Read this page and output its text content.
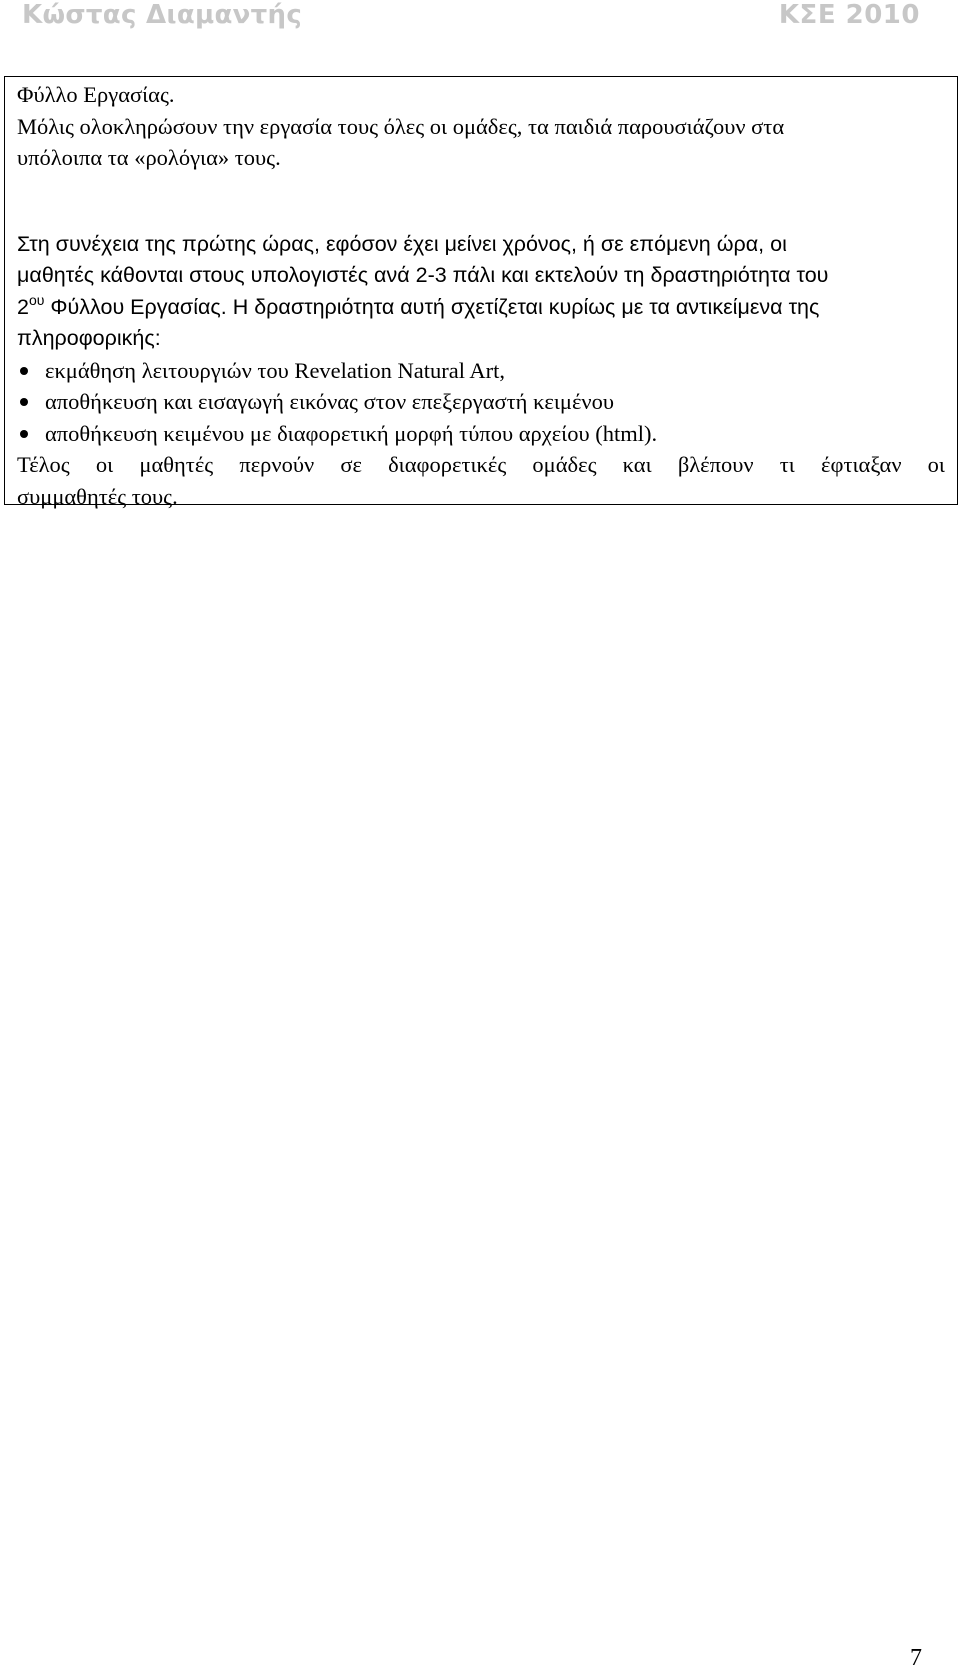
Κώστας Διαμαντής	ΚΣΕ 2010
Φύλλο Εργασίας.
Μόλις ολοκληρώσουν την εργασία τους όλες οι ομάδες, τα παιδιά παρουσιάζουν στα
υπόλοιπα τα «ρολόγια» τους.
Στη συνέχεια της πρώτης ώρας, εφόσον έχει μείνει χρόνος, ή σε επόμενη ώρα, οι
μαθητές κάθονται στους υπολογιστές ανά 2-3 πάλι και εκτελούν τη δραστηριότητα του
$2^{o\upsilon}$ Φύλλου Εργασίας. Η δραστηριότητα αυτή σχετίζεται κυρίως με τα αντικείμενα της
πληροφορικής:
εκμάθηση λειτουργιών του Revelation Natural Art,
αποθήκευση και εισαγωγή εικόνας στον επεξεργαστή κειμένου
αποθήκευση κειμένου με διαφορετική μορφή τύπου αρχείου (html).
Τέλος οι μαθητές περνούν σε διαφορετικές ομάδες και βλέπουν τι έφτιαξαν οι
συμμαθητές τους.
7
